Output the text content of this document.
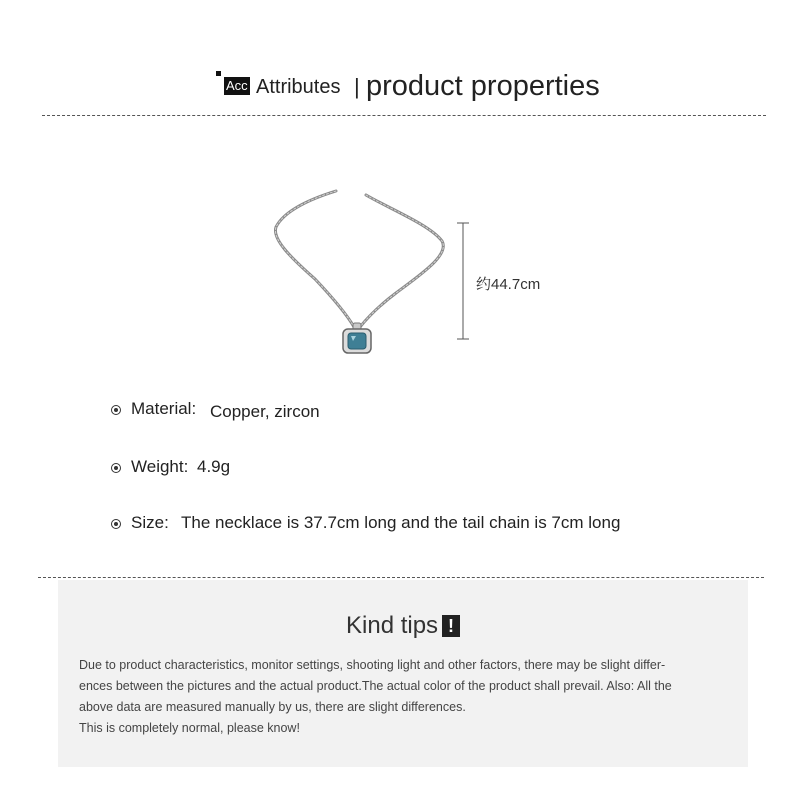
Acc Attributes | product properties
约44.7cm
Material: Copper, zircon
Weight: 4.9g
Size: The necklace is 37.7cm long and the tail chain is 7cm long
Kind tips !

Due to product characteristics, monitor settings, shooting light and other factors, there may be slight differ-

ences between the pictures and the actual product.The actual color of the product shall prevail. Also: All the

above data are measured manually by us, there are slight differences.

This is completely normal, please know!
